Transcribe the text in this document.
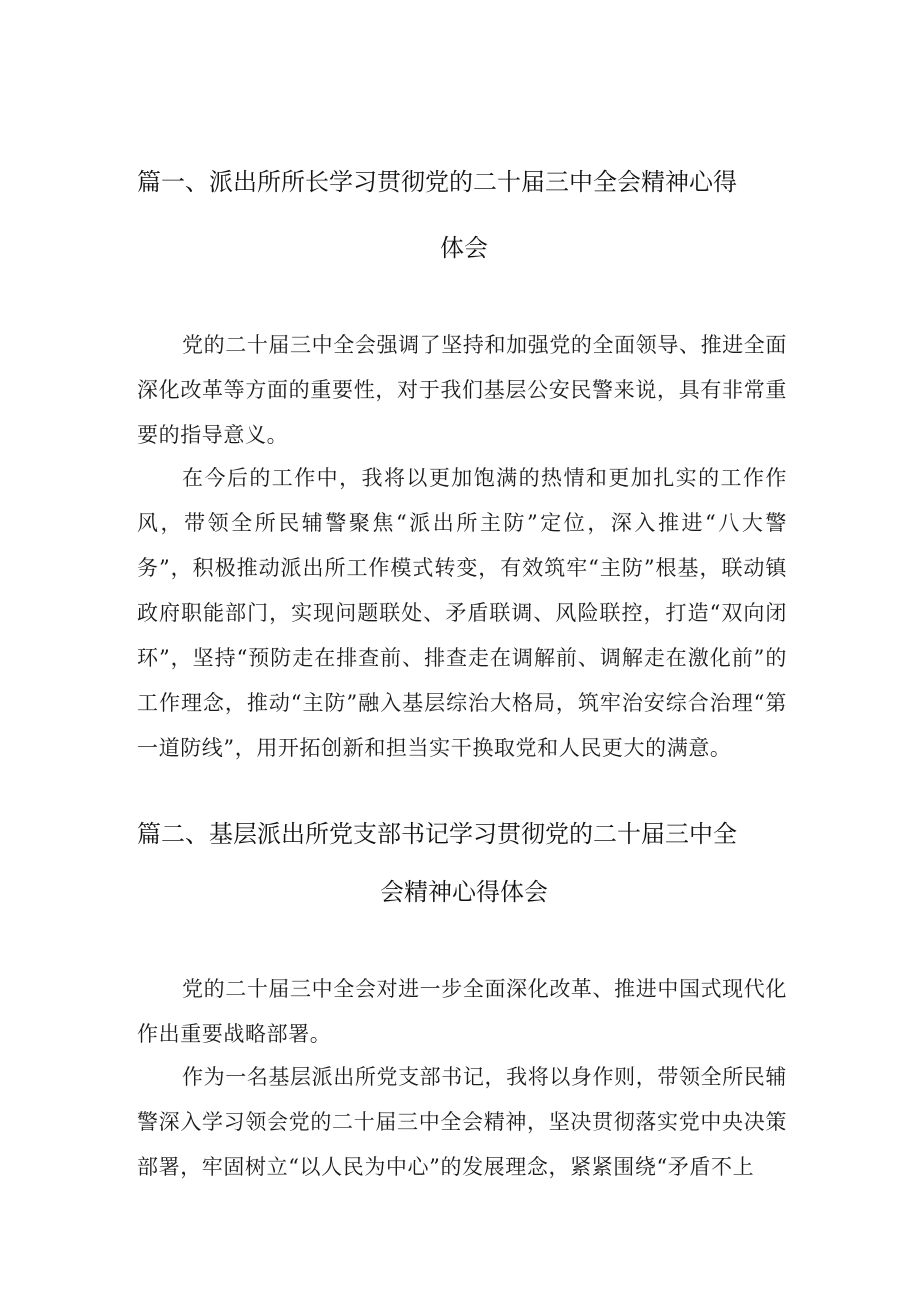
篇一、派出所所长学习贯彻党的二十届三中全会精神心得
体会

党的二十届三中全会强调了坚持和加强党的全面领导、推进全面深化改革等方面的重要性，对于我们基层公安民警来说，具有非常重要的指导意义。

在今后的工作中，我将以更加饱满的热情和更加扎实的工作作风，带领全所民辅警聚焦“派出所主防”定位，深入推进“八大警务”，积极推动派出所工作模式转变，有效筑牢“主防”根基，联动镇政府职能部门，实现问题联处、矛盾联调、风险联控，打造“双向闭环”，坚持“预防走在排查前、排查走在调解前、调解走在激化前”的工作理念，推动“主防”融入基层综治大格局，筑牢治安综合治理“第一道防线”，用开拓创新和担当实干换取党和人民更大的满意。

篇二、基层派出所党支部书记学习贯彻党的二十届三中全
会精神心得体会

党的二十届三中全会对进一步全面深化改革、推进中国式现代化作出重要战略部署。

作为一名基层派出所党支部书记，我将以身作则，带领全所民辅警深入学习领会党的二十届三中全会精神，坚决贯彻落实党中央决策部署，牢固树立“以人民为中心”的发展理念，紧紧围绕“矛盾不上
